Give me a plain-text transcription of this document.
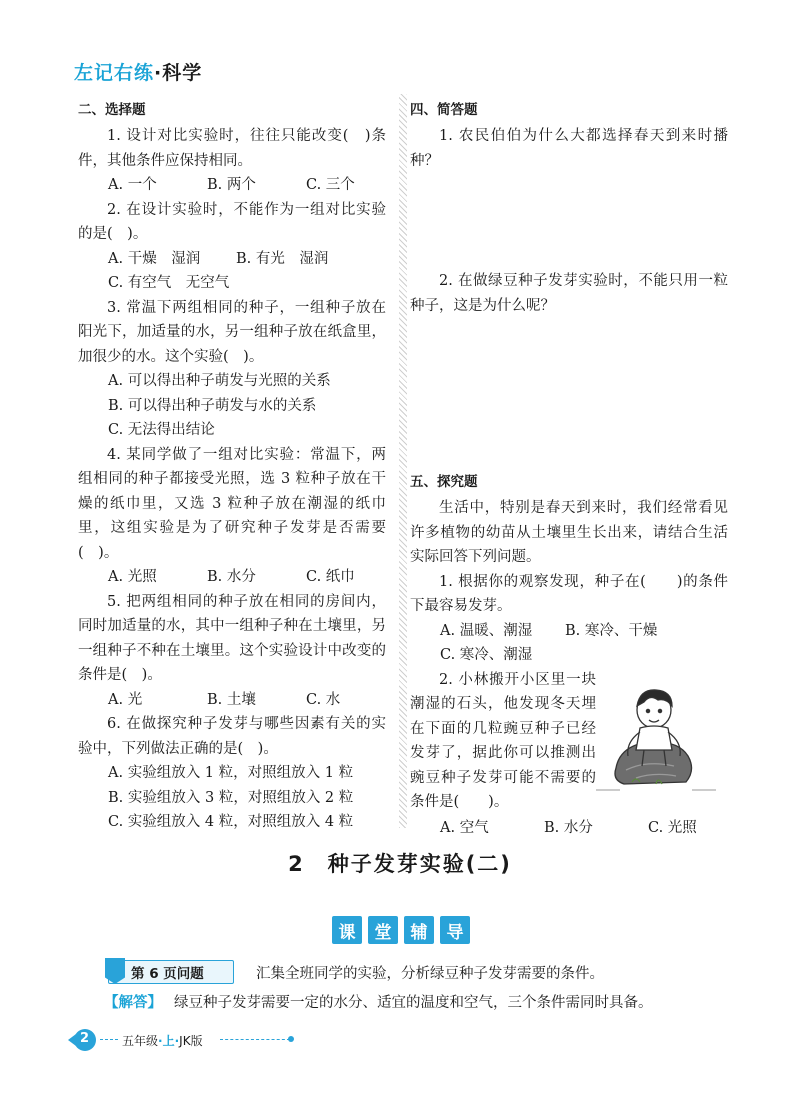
左记右练·科学
二、选择题

1. 设计对比实验时，往往只能改变(　)条件，其他条件应保持相同。

A. 一个	B. 两个	C. 三个

2. 在设计实验时，不能作为一组对比实验的是(　)。

A. 干燥　湿润 B. 有光　湿润
C. 有空气　无空气

3. 常温下两组相同的种子，一组种子放在阳光下，加适量的水，另一组种子放在纸盒里，加很少的水。这个实验(　)。

A. 可以得出种子萌发与光照的关系
B. 可以得出种子萌发与水的关系
C. 无法得出结论

4. 某同学做了一组对比实验：常温下，两组相同的种子都接受光照，选 3 粒种子放在干燥的纸巾里，又选 3 粒种子放在潮湿的纸巾里，这组实验是为了研究种子发芽是否需要(　)。

A. 光照	B. 水分	C. 纸巾

5. 把两组相同的种子放在相同的房间内，同时加适量的水，其中一组种子种在土壤里，另一组种子不种在土壤里。这个实验设计中改变的条件是(　)。

A. 光	B. 土壤	C. 水

6. 在做探究种子发芽与哪些因素有关的实验中，下列做法正确的是(　)。

A. 实验组放入 1 粒，对照组放入 1 粒
B. 实验组放入 3 粒，对照组放入 2 粒
C. 实验组放入 4 粒，对照组放入 4 粒
四、简答题

1. 农民伯伯为什么大都选择春天到来时播种？

2. 在做绿豆种子发芽实验时，不能只用一粒种子，这是为什么呢？

五、探究题

生活中，特别是春天到来时，我们经常看见许多植物的幼苗从土壤里生长出来，请结合生活实际回答下列问题。

1. 根据你的观察发现，种子在(　　)的条件下最容易发芽。

A. 温暖、潮湿 B. 寒冷、干燥
C. 寒冷、潮湿

2. 小林搬开小区里一块潮湿的石头，他发现冬天埋在下面的几粒豌豆种子已经发芽了，据此你可以推测出豌豆种子发芽可能不需要的条件是(　　)。

A. 空气	B. 水分	C. 光照
2　种子发芽实验(二)
课	堂	辅	导
第 6 页问题	汇集全班同学的实验，分析绿豆种子发芽需要的条件。
【解答】 绿豆种子发芽需要一定的水分、适宜的温度和空气，三个条件需同时具备。
2	五年级·上·JK版
